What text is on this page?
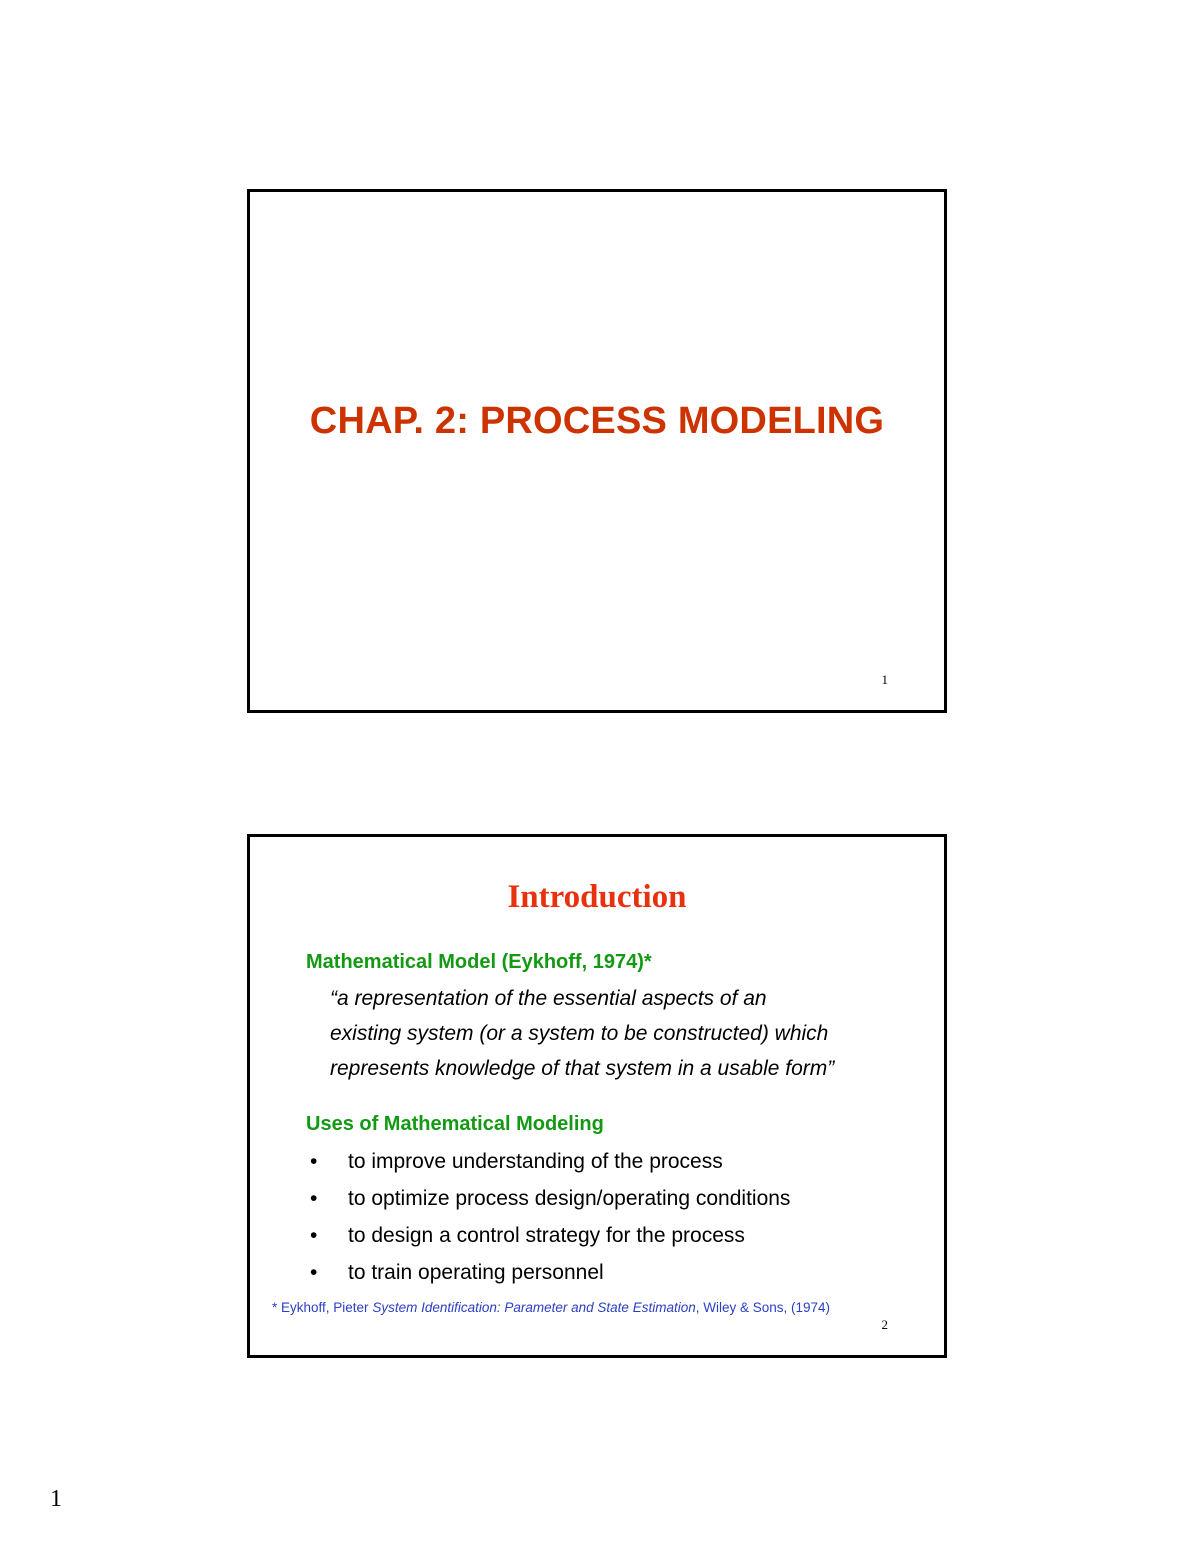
CHAP. 2: PROCESS MODELING
1
Introduction
Mathematical Model (Eykhoff, 1974)*
“a representation of the essential aspects of an
existing system (or a system to be constructed) which
represents knowledge of that system in a usable form”
Uses of Mathematical Modeling
• to improve understanding of the process
• to optimize process design/operating conditions
• to design a control strategy for the process
• to train operating personnel
* Eykhoff, Pieter System Identification: Parameter and State Estimation, Wiley & Sons, (1974)
2
1
